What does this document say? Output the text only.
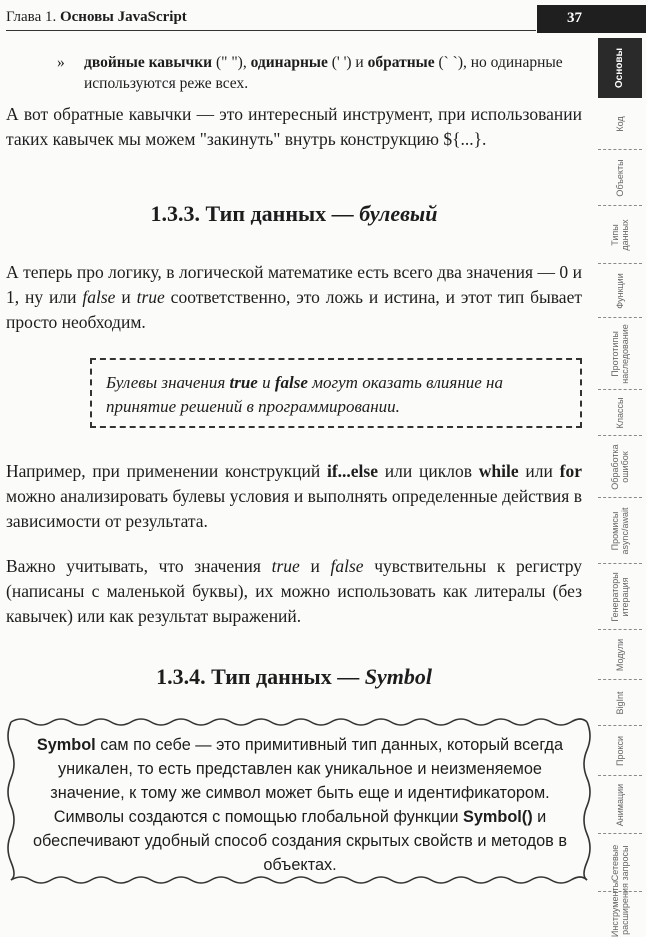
Глава 1. Основы JavaScript	37
» двойные кавычки (" "), одинарные (' ') и обратные (` `), но одинарные используются реже всех.

А вот обратные кавычки — это интересный инструмент, при использовании таких кавычек мы можем "закинуть" внутрь конструкцию ${...}.

1.3.3. Тип данных — булевый

А теперь про логику, в логической математике есть всего два значения — 0 и 1, ну или false и true соответственно, это ложь и истина, и этот тип бывает просто необходим.

Булевы значения true и false могут оказать влияние на принятие решений в программировании.

Например, при применении конструкций if...else или циклов while или for можно анализировать булевы условия и выполнять определенные действия в зависимости от результата.

Важно учитывать, что значения true и false чувствительны к регистру (написаны с маленькой буквы), их можно использовать как литералы (без кавычек) или как результат выражений.

1.3.4. Тип данных — Symbol
Symbol сам по себе — это примитивный тип данных, который всегда уникален, то есть представлен как уникальное и неизменяемое значение, к тому же символ может быть еще и идентификатором. Символы создаются с помощью глобальной функции Symbol() и обеспечивают удобный способ создания скрытых свойств и методов в объектах.
Основы
Код
Объекты
Типы
данных
Функции
Прототипы
наследование
Классы
Обработка
ошибок
Промисы
async/await
Генераторы
итерация
Модули
BigInt
Прокси
Анимации
Сетевые
запросы
Инструменты
расширения
